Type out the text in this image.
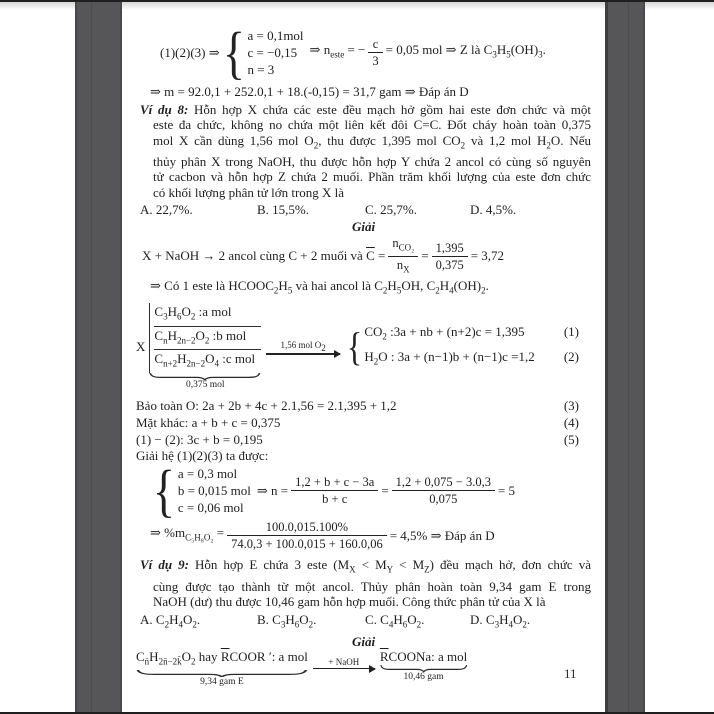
(1)(2)(3) ⇒ { a = 0,1mol
c = −0,15
n = 3
⇒ $n_{este}$ = − $\frac{c}{3} = 0,05$ mol ⇒ Z là $C_3H_5(OH)_3$.
⇒ m = 92.0,1 + 252.0,1 + 18.(-0,15) = 31,7 gam ⇒ Đáp án D
Ví dụ 8: Hỗn hợp X chứa các este đều mạch hở gồm hai este đơn chức và một
este đa chức, không no chứa một liên kết đôi C=C. Đốt cháy hoàn toàn 0,375
mol X cần dùng 1,56 mol $O_2$, thu được 1,395 mol $CO_2$ và 1,2 mol $H_2O$. Nếu
thủy phân X trong NaOH, thu được hỗn hợp Y chứa 2 ancol có cùng số nguyên
tử cacbon và hỗn hợp Z chứa 2 muối. Phần trăm khối lượng của este đơn chức
có khối lượng phân tử lớn trong X là
A. 22,7%.	B. 15,5%.	C. 25,7%.	D. 4,5%.
Giải
X + NaOH → 2 ancol cùng C + 2 muối và $\overline{C}$ =
$n_{CO_2}$
$n_X$
= $\frac{1,395}{0,375} = 3,72$
⇒ Có 1 este là $HCOOC_2H_5$ và hai ancol là $C_2H_5OH$, $C_2H_4(OH)_2$.
X
$C_3H_6O_2$ :a mol
$C_nH_{2n-2}O_2$ :b mol
$C_{n+2}H_{2n-2}O_4$ :c mol
0,375 mol
1,56 mol $O_2$ { $CO_2$ :3a + nb + (n+2)c = 1,395	(1)
$H_2O$ : 3a + (n−1)b + (n−1)c =1,2 (2)
Bảo toàn O: 2a + 2b + 4c + 2.1,56 = 2.1,395 + 1,2	(3)
Mặt khác: a + b + c = 0,375	(4)
(1) − (2): 3c + b = 0,195	(5)
Giải hệ (1)(2)(3) ta được:
{ a = 0,3 mol
b = 0,015 mol
c = 0,06 mol
⇒ $n = \frac{1,2 + b + c - 3a}{b + c} = \frac{1,2 + 0,075 - 3.0,3}{0,075} = 5$
⇒ $\%m_{C_5H_8O_2} = \frac{100.0,015.100\%}{74.0,3 + 100.0,015 + 160.0,06} = 4,5\%$ ⇒ Đáp án D
Ví dụ 9: Hỗn hợp E chứa 3 este $(M_X < M_Y < M_Z)$ đều mạch hở, đơn chức và
cùng được tạo thành từ một ancol. Thủy phân hoàn toàn 9,34 gam E trong
NaOH (dư) thu được 10,46 gam hỗn hợp muối. Công thức phân tử của X là
A. $C_2H_4O_2$.	B. $C_3H_6O_2$.	C. $C_4H_6O_2$.	D. $C_3H_4O_2$.
Giải
$C_{n̄}H_{2n̄-2k̄}O_2$ hay $\overline{R}COOR$ ′: a mol
9,34 gam E
+ NaOH $\overline{R}COONa$: a mol
10,46 gam	11
